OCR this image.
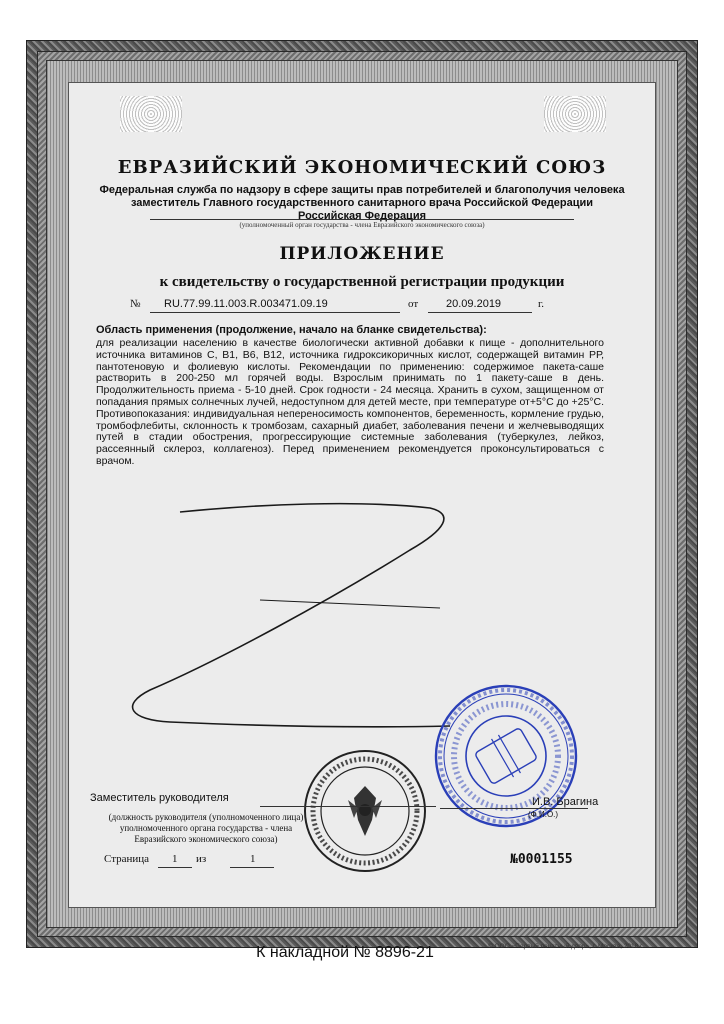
ЕВРАЗИЙСКИЙ ЭКОНОМИЧЕСКИЙ СОЮЗ
Федеральная служба по надзору в сфере защиты прав потребителей и благополучия человека
заместитель Главного государственного санитарного врача Российской Федерации
Российская Федерация
(уполномоченный орган государства - члена Евразийского экономического союза)
ПРИЛОЖЕНИЕ
к свидетельству о государственной регистрации продукции
№ RU.77.99.11.003.R.003471.09.19	от	20.09.2019	г.
Область применения (продолжение, начало на бланке свидетельства):
для реализации населению в качестве биологически активной добавки к пище - дополнительного источника витаминов С, В1, В6, В12, источника гидроксикоричных кислот, содержащей витамин РР, пантотеновую и фолиевую кислоты. Рекомендации по применению: содержимое пакета-саше растворить в 200-250 мл горячей воды. Взрослым принимать по 1 пакету-саше в день. Продолжительность приема - 5-10 дней. Срок годности - 24 месяца. Хранить в сухом, защищенном от попадания прямых солнечных лучей, недоступном для детей месте, при температуре от+5°С до +25°С. Противопоказания: индивидуальная непереносимость компонентов, беременность, кормление грудью, тромбофлебиты, склонность к тромбозам, сахарный диабет, заболевания печени и желчевыводящих путей в стадии обострения, прогрессирующие системные заболевания (туберкулез, лейкоз, рассеянный склероз, коллагеноз). Перед применением рекомендуется проконсультироваться с врачом.
Заместитель руководителя	И.В. Брагина
(Ф.И.О.)
(должность руководителя (уполномоченного лица) уполномоченного органа государства - члена Евразийского экономического союза)
Страница 1 из	1	№0001155
К накладной № 8896-21	© ООО «Первый печатный двор», г. Москва, 2018 г.
